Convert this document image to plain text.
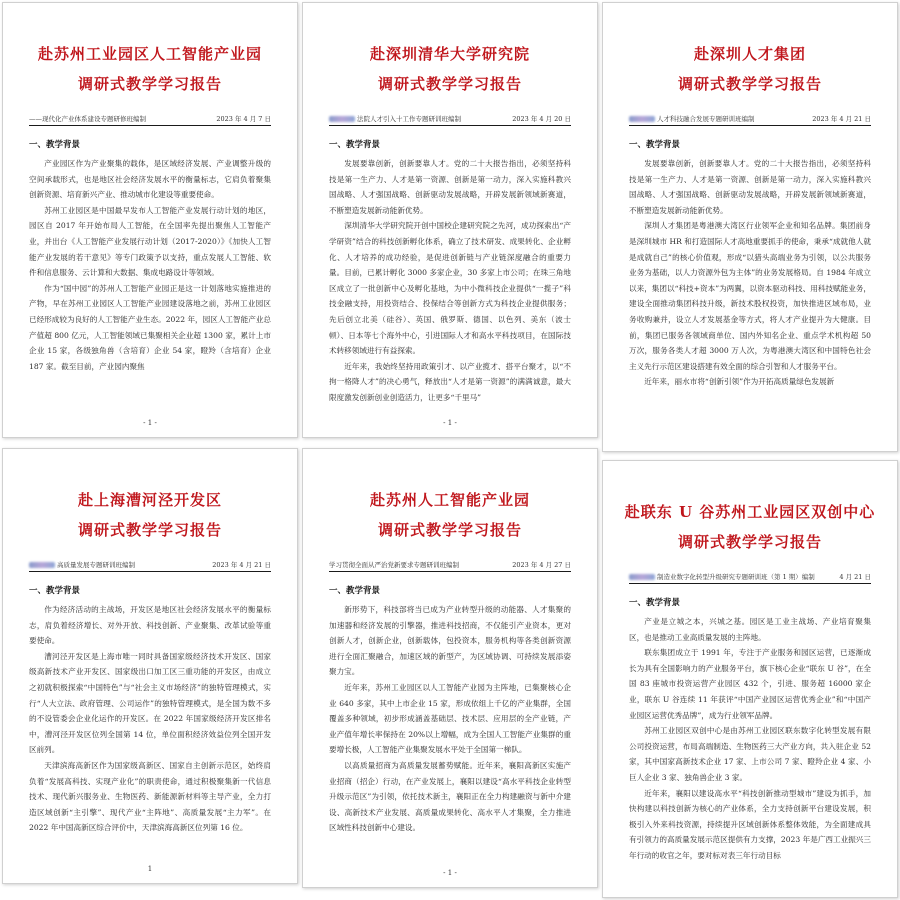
赴苏州工业园区人工智能产业园
调研式教学学习报告
——现代化产业体系建设专题研修班编制	2023 年 4 月 7 日
一、教学背景

产业园区作为产业聚集的载体，是区域经济发展、产业调整升级的空间承载形式，也是地区社会经济发展水平的衡量标志，它肩负着聚集创新资源、培育新兴产业、推动城市化建设等重要使命。

苏州工业园区是中国最早发布人工智能产业发展行动计划的地区，园区自 2017 年开始布局人工智能，在全国率先提出聚焦人工智能产业，并出台《人工智能产业发展行动计划（2017-2020）》《加快人工智能产业发展的若干意见》等专门政策予以支持，重点发展人工智能、软件和信息服务、云计算和大数据、集成电路设计等领域。

作为“国中园”的苏州人工智能产业园正是这一计划落地实施推进的产物，早在苏州工业园区人工智能产业园建设落地之前，苏州工业园区已经形成较为良好的人工智能产业生态。2022 年，园区人工智能产业总产值超 800 亿元，人工智能领域已集聚相关企业超 1300 家，累计上市企业 15 家，各级独角兽（含培育）企业 54 家，瞪羚（含培育）企业 187 家。截至目前，产业园内聚焦

- 1 -
赴深圳清华大学研究院
调研式教学学习报告
法院人才引入十工作专题研训班编制	2023 年 4 月 20 日
一、教学背景

发展要靠创新，创新要靠人才。党的二十大报告指出，必须坚持科技是第一生产力、人才是第一资源、创新是第一动力，深入实施科教兴国战略、人才强国战略、创新驱动发展战略，开辟发展新领域新赛道，不断塑造发展新动能新优势。

深圳清华大学研究院开创中国校企建研究院之先河，成功探索出“产学研资”结合的科技创新孵化体系，确立了技术研发、成果转化、企业孵化、人才培养的成功经验，是促进创新链与产业链深度融合的重要力量。目前，已累计孵化 3000 多家企业，30 多家上市公司；在珠三角地区成立了一批创新中心及孵化基地，为中小微科技企业提供“一揽子”科技金融支持，用投资结合、投保结合等创新方式为科技企业提供服务；先后创立北美（硅谷）、英国、俄罗斯、德国、以色列、美东（波士顿）、日本等七个海外中心，引进国际人才和高水平科技项目，在国际技术转移领域进行有益探索。

近年来，我始终坚持用政策引才、以产业揽才、搭平台聚才，以“不拘一格降人才”的决心勇气，释放出“人才是第一资源”的满满诚意，最大限度激发创新创业创造活力，让更多“千里马”

- 1 -
赴深圳人才集团
调研式教学学习报告
人才科技融合发展专题研训班编制	2023 年 4 月 21 日
一、教学背景

发展要靠创新，创新要靠人才。党的二十大报告指出，必须坚持科技是第一生产力、人才是第一资源、创新是第一动力，深入实施科教兴国战略、人才强国战略、创新驱动发展战略，开辟发展新领域新赛道，不断塑造发展新动能新优势。

深圳人才集团是粤港澳大湾区行业领军企业和知名品牌。集团前身是深圳城市 HR 和打造国际人才高地重要抓手的使命，秉承“成就他人就是成就自己”的核心价值观，形成“以猎头高端业务为引领，以公共服务业务为基础，以人力资源外包为主体”的业务发展格局。自 1984 年成立以来，集团以“科技+资本”为两翼，以资本驱动科技、用科技赋能业务，建设全面推动集团科技升级，新技术股权投资，加快推进区域布局，业务收购兼并，设立人才发展基金等方式，将人才产业提升为大健康。目前，集团已服务各领域商单位、国内外知名企业、重点学术机构超 50 万次，服务各类人才超 3000 万人次，为粤港澳大湾区和中国特色社会主义先行示范区建设搭建有效全面的综合引智和人才服务平台。

近年来，丽水市将“创新引领”作为开拓高质量绿色发展新

赴上海漕河泾开发区
调研式教学学习报告
高质量发展专题研训班编制	2023 年 4 月 21 日
一、教学背景

作为经济活动的主战场，开发区是地区社会经济发展水平的衡量标志，肩负着经济增长、对外开放、科技创新、产业聚集、改革试验等重要使命。

漕河泾开发区是上海市唯一同时具备国家级经济技术开发区、国家级高新技术产业开发区、国家级出口加工区三重功能的开发区，由成立之初就积极探索“中国特色”与“社会主义市场经济”的独特管理模式，实行“人大立法、政府管理、公司运作”的独特管理模式，是全国为数不多的不设管委会企业化运作的开发区。在 2022 年国家级经济开发区排名中，漕河泾开发区位列全国第 14 位，单位面积经济效益位列全国开发区前列。

天津滨海高新区作为国家级高新区、国家自主创新示范区，始终肩负着“发展高科技、实现产业化”的职责使命，通过积极聚集新一代信息技术、现代新兴服务业、生物医药、新能源新材料等主导产业，全力打造区域创新“主引擎”、现代产业“主阵地”、高质量发展“主力军”。在 2022 年中国高新区综合评价中，天津滨海高新区位列第 16 位。

1
赴苏州人工智能产业园
调研式教学学习报告
学习贯彻全面从严治党新要求专题研训班编制	2023 年 4 月 27 日
一、教学背景

新形势下，科技部将当已成为产业转型升级的动能器、人才集聚的加速器和经济发展的引擎器，推进科技招商，不仅能引产业资本，更对创新人才，创新企业，创新载体，包投资本，服务机构等各类创新资源进行全面汇聚融合，加速区域的新型产，为区域协调、可持续发展添姿聚力宝。

近年来，苏州工业园区以人工智能产业园为主阵地，已集聚核心企业 640 多家，其中上市企业 15 家，形成依组上千亿的产业集群，全国覆盖多种领域，初步形成涵盖基础层、技术层、应用层的全产业链，产业产值年增长率保持在 20%以上增幅，成为全国人工智能产业集群的重要增长极，人工智能产业集聚发展水平处于全国第一梯队。

以高质量招商为高质量发展蓄势赋能。近年来，襄阳高新区实施产业招商（招企）行动，在产业发展上，襄阳以建设“高水平科技企业转型升级示范区”为引领，依托技术新主，襄阳正在全力构建融资与新中介建设、高新技术产业发展、高质量成果转化、高水平人才集聚，全力推进区域性科技创新中心建设。

- 1 -
赴联东 U 谷苏州工业园区双创中心
调研式教学学习报告
制造业数字化转型升级研究专题研训班（第 1 期）编制	4 月 21 日
一、教学背景

产业是立城之本，兴城之基。园区是工业主战场、产业培育聚集区，也是推动工业高质量发展的主阵地。

联东集团成立于 1991 年，专注于产业服务和园区运营，已逐渐成长为具有全国影响力的产业服务平台，旗下核心企业“联东 U 谷”，在全国 83 座城市投资运营产业园区 432 个，引进、服务超 16000 家企业，联东 U 谷连续 11 年获评“中国产业园区运营优秀企业”和“中国产业园区运营优秀品牌”，成为行业领军品牌。

苏州工业园区双创中心是由苏州工业园区联东数字化转型发展有限公司投资运营，布局高端制造、生物医药三大产业方向，共入驻企业 52 家，其中国家高新技术企业 17 家、上市公司 7 家、瞪羚企业 4 家、小巨人企业 3 家、独角兽企业 3 家。

近年来，襄阳以建设高水平“科技创新推动型城市”建设为抓手，加快构建以科技创新为核心的产业体系，全力支持创新平台建设发展，积极引入外来科技资源，持续提升区域创新体系整体效能，为全面建成具有引领力的高质量发展示范区提供有力支撑，2023 年是广西工业振兴三年行动的收官之年，要对标对表三年行动目标
